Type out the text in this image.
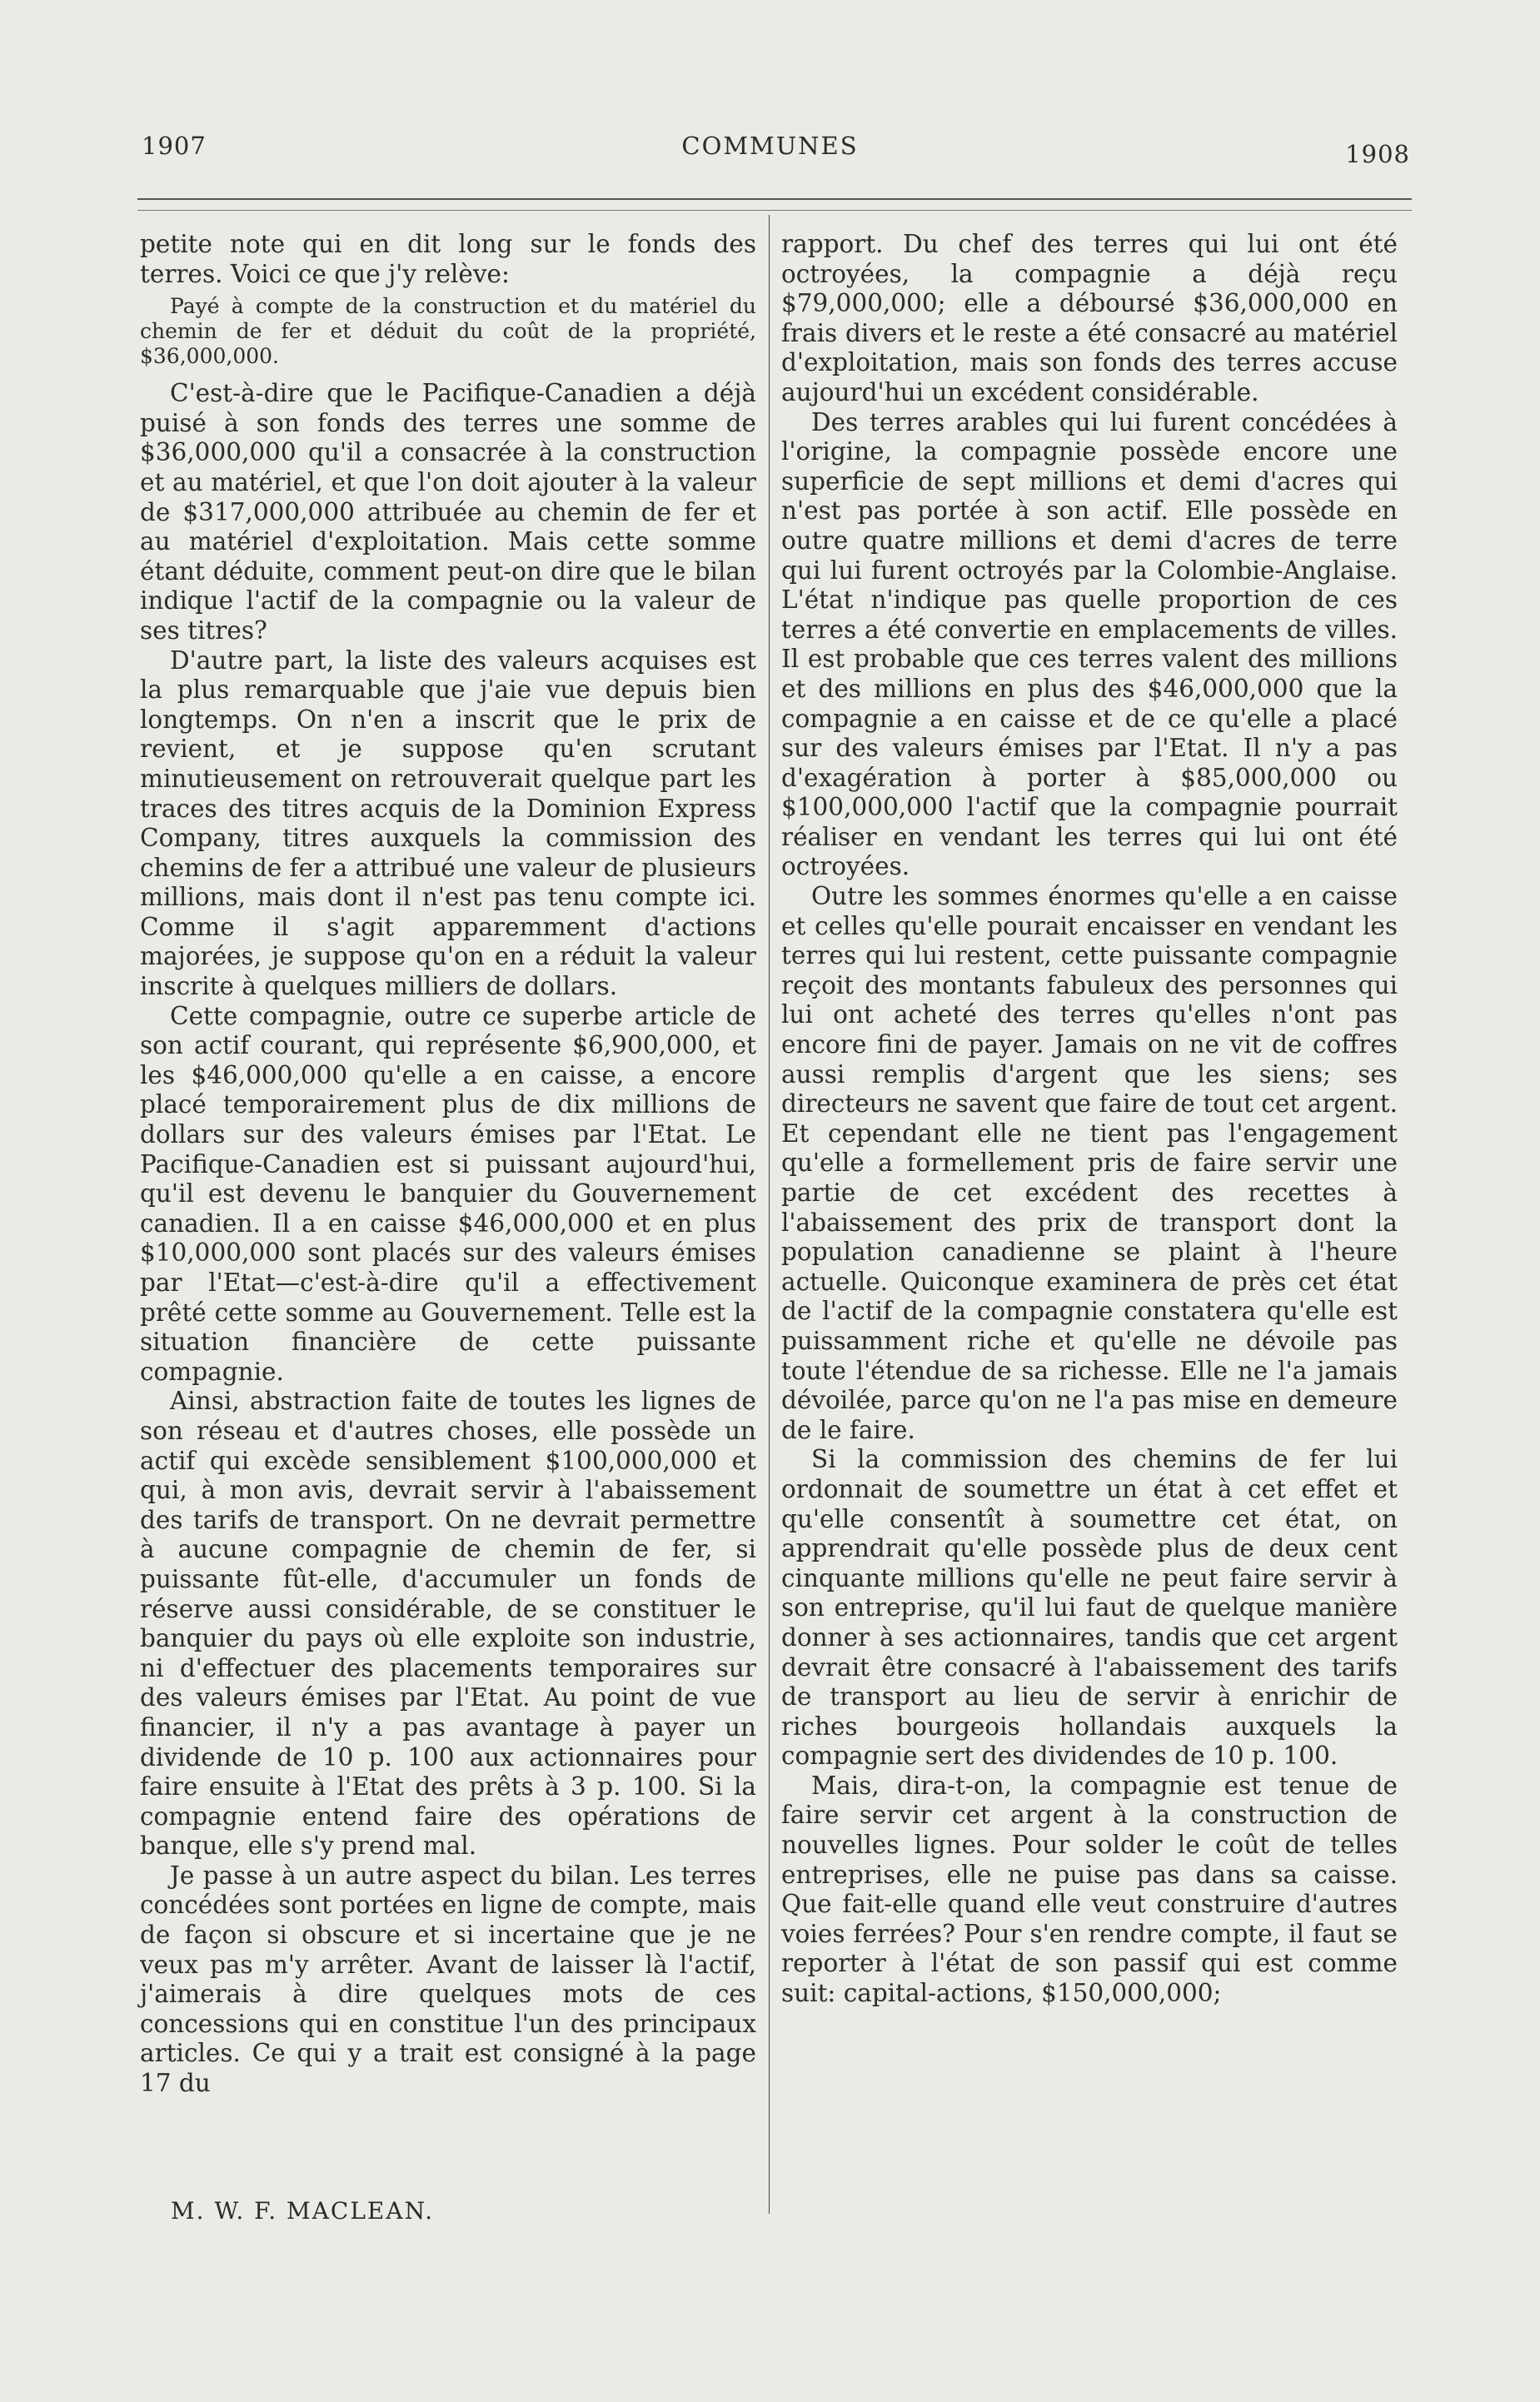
1907	COMMUNES	1908

petite note qui en dit long sur le fonds des terres. Voici ce que j'y relève:

Payé à compte de la construction et du matériel du chemin de fer et déduit du coût de la propriété, $36,000,000.

C'est-à-dire que le Pacifique-Canadien a déjà puisé à son fonds des terres une somme de $36,000,000 qu'il a consacrée à la construction et au matériel, et que l'on doit ajouter à la valeur de $317,000,000 attribuée au chemin de fer et au matériel d'exploitation. Mais cette somme étant déduite, comment peut-on dire que le bilan indique l'actif de la compagnie ou la valeur de ses titres?

D'autre part, la liste des valeurs acquises est la plus remarquable que j'aie vue depuis bien longtemps. On n'en a inscrit que le prix de revient, et je suppose qu'en scrutant minutieusement on retrouverait quelque part les traces des titres acquis de la Dominion Express Company, titres auxquels la commission des chemins de fer a attribué une valeur de plusieurs millions, mais dont il n'est pas tenu compte ici. Comme il s'agit apparemment d'actions majorées, je suppose qu'on en a réduit la valeur inscrite à quelques milliers de dollars.

Cette compagnie, outre ce superbe article de son actif courant, qui représente $6,900,000, et les $46,000,000 qu'elle a en caisse, a encore placé temporairement plus de dix millions de dollars sur des valeurs émises par l'Etat. Le Pacifique-Canadien est si puissant aujourd'hui, qu'il est devenu le banquier du Gouvernement canadien. Il a en caisse $46,000,000 et en plus $10,000,000 sont placés sur des valeurs émises par l'Etat—c'est-à-dire qu'il a effectivement prêté cette somme au Gouvernement. Telle est la situation financière de cette puissante compagnie.

Ainsi, abstraction faite de toutes les lignes de son réseau et d'autres choses, elle possède un actif qui excède sensiblement $100,000,000 et qui, à mon avis, devrait servir à l'abaissement des tarifs de transport. On ne devrait permettre à aucune compagnie de chemin de fer, si puissante fût-elle, d'accumuler un fonds de réserve aussi considérable, de se constituer le banquier du pays où elle exploite son industrie, ni d'effectuer des placements temporaires sur des valeurs émises par l'Etat. Au point de vue financier, il n'y a pas avantage à payer un dividende de 10 p. 100 aux actionnaires pour faire ensuite à l'Etat des prêts à 3 p. 100. Si la compagnie entend faire des opérations de banque, elle s'y prend mal.

Je passe à un autre aspect du bilan. Les terres concédées sont portées en ligne de compte, mais de façon si obscure et si incertaine que je ne veux pas m'y arrêter. Avant de laisser là l'actif, j'aimerais à dire quelques mots de ces concessions qui en constitue l'un des principaux articles. Ce qui y a trait est consigné à la page 17 du

rapport. Du chef des terres qui lui ont été octroyées, la compagnie a déjà reçu $79,000,000; elle a déboursé $36,000,000 en frais divers et le reste a été consacré au matériel d'exploitation, mais son fonds des terres accuse aujourd'hui un excédent considérable.

Des terres arables qui lui furent concédées à l'origine, la compagnie possède encore une superficie de sept millions et demi d'acres qui n'est pas portée à son actif. Elle possède en outre quatre millions et demi d'acres de terre qui lui furent octroyés par la Colombie-Anglaise. L'état n'indique pas quelle proportion de ces terres a été convertie en emplacements de villes. Il est probable que ces terres valent des millions et des millions en plus des $46,000,000 que la compagnie a en caisse et de ce qu'elle a placé sur des valeurs émises par l'Etat. Il n'y a pas d'exagération à porter à $85,000,000 ou $100,000,000 l'actif que la compagnie pourrait réaliser en vendant les terres qui lui ont été octroyées.

Outre les sommes énormes qu'elle a en caisse et celles qu'elle pourait encaisser en vendant les terres qui lui restent, cette puissante compagnie reçoit des montants fabuleux des personnes qui lui ont acheté des terres qu'elles n'ont pas encore fini de payer. Jamais on ne vit de coffres aussi remplis d'argent que les siens; ses directeurs ne savent que faire de tout cet argent. Et cependant elle ne tient pas l'engagement qu'elle a formellement pris de faire servir une partie de cet excédent des recettes à l'abaissement des prix de transport dont la population canadienne se plaint à l'heure actuelle. Quiconque examinera de près cet état de l'actif de la compagnie constatera qu'elle est puissamment riche et qu'elle ne dévoile pas toute l'étendue de sa richesse. Elle ne l'a jamais dévoilée, parce qu'on ne l'a pas mise en demeure de le faire.

Si la commission des chemins de fer lui ordonnait de soumettre un état à cet effet et qu'elle consentît à soumettre cet état, on apprendrait qu'elle possède plus de deux cent cinquante millions qu'elle ne peut faire servir à son entreprise, qu'il lui faut de quelque manière donner à ses actionnaires, tandis que cet argent devrait être consacré à l'abaissement des tarifs de transport au lieu de servir à enrichir de riches bourgeois hollandais auxquels la compagnie sert des dividendes de 10 p. 100.

Mais, dira-t-on, la compagnie est tenue de faire servir cet argent à la construction de nouvelles lignes. Pour solder le coût de telles entreprises, elle ne puise pas dans sa caisse. Que fait-elle quand elle veut construire d'autres voies ferrées? Pour s'en rendre compte, il faut se reporter à l'état de son passif qui est comme suit: capital-actions, $150,000,000;

M. W. F. MACLEAN.
